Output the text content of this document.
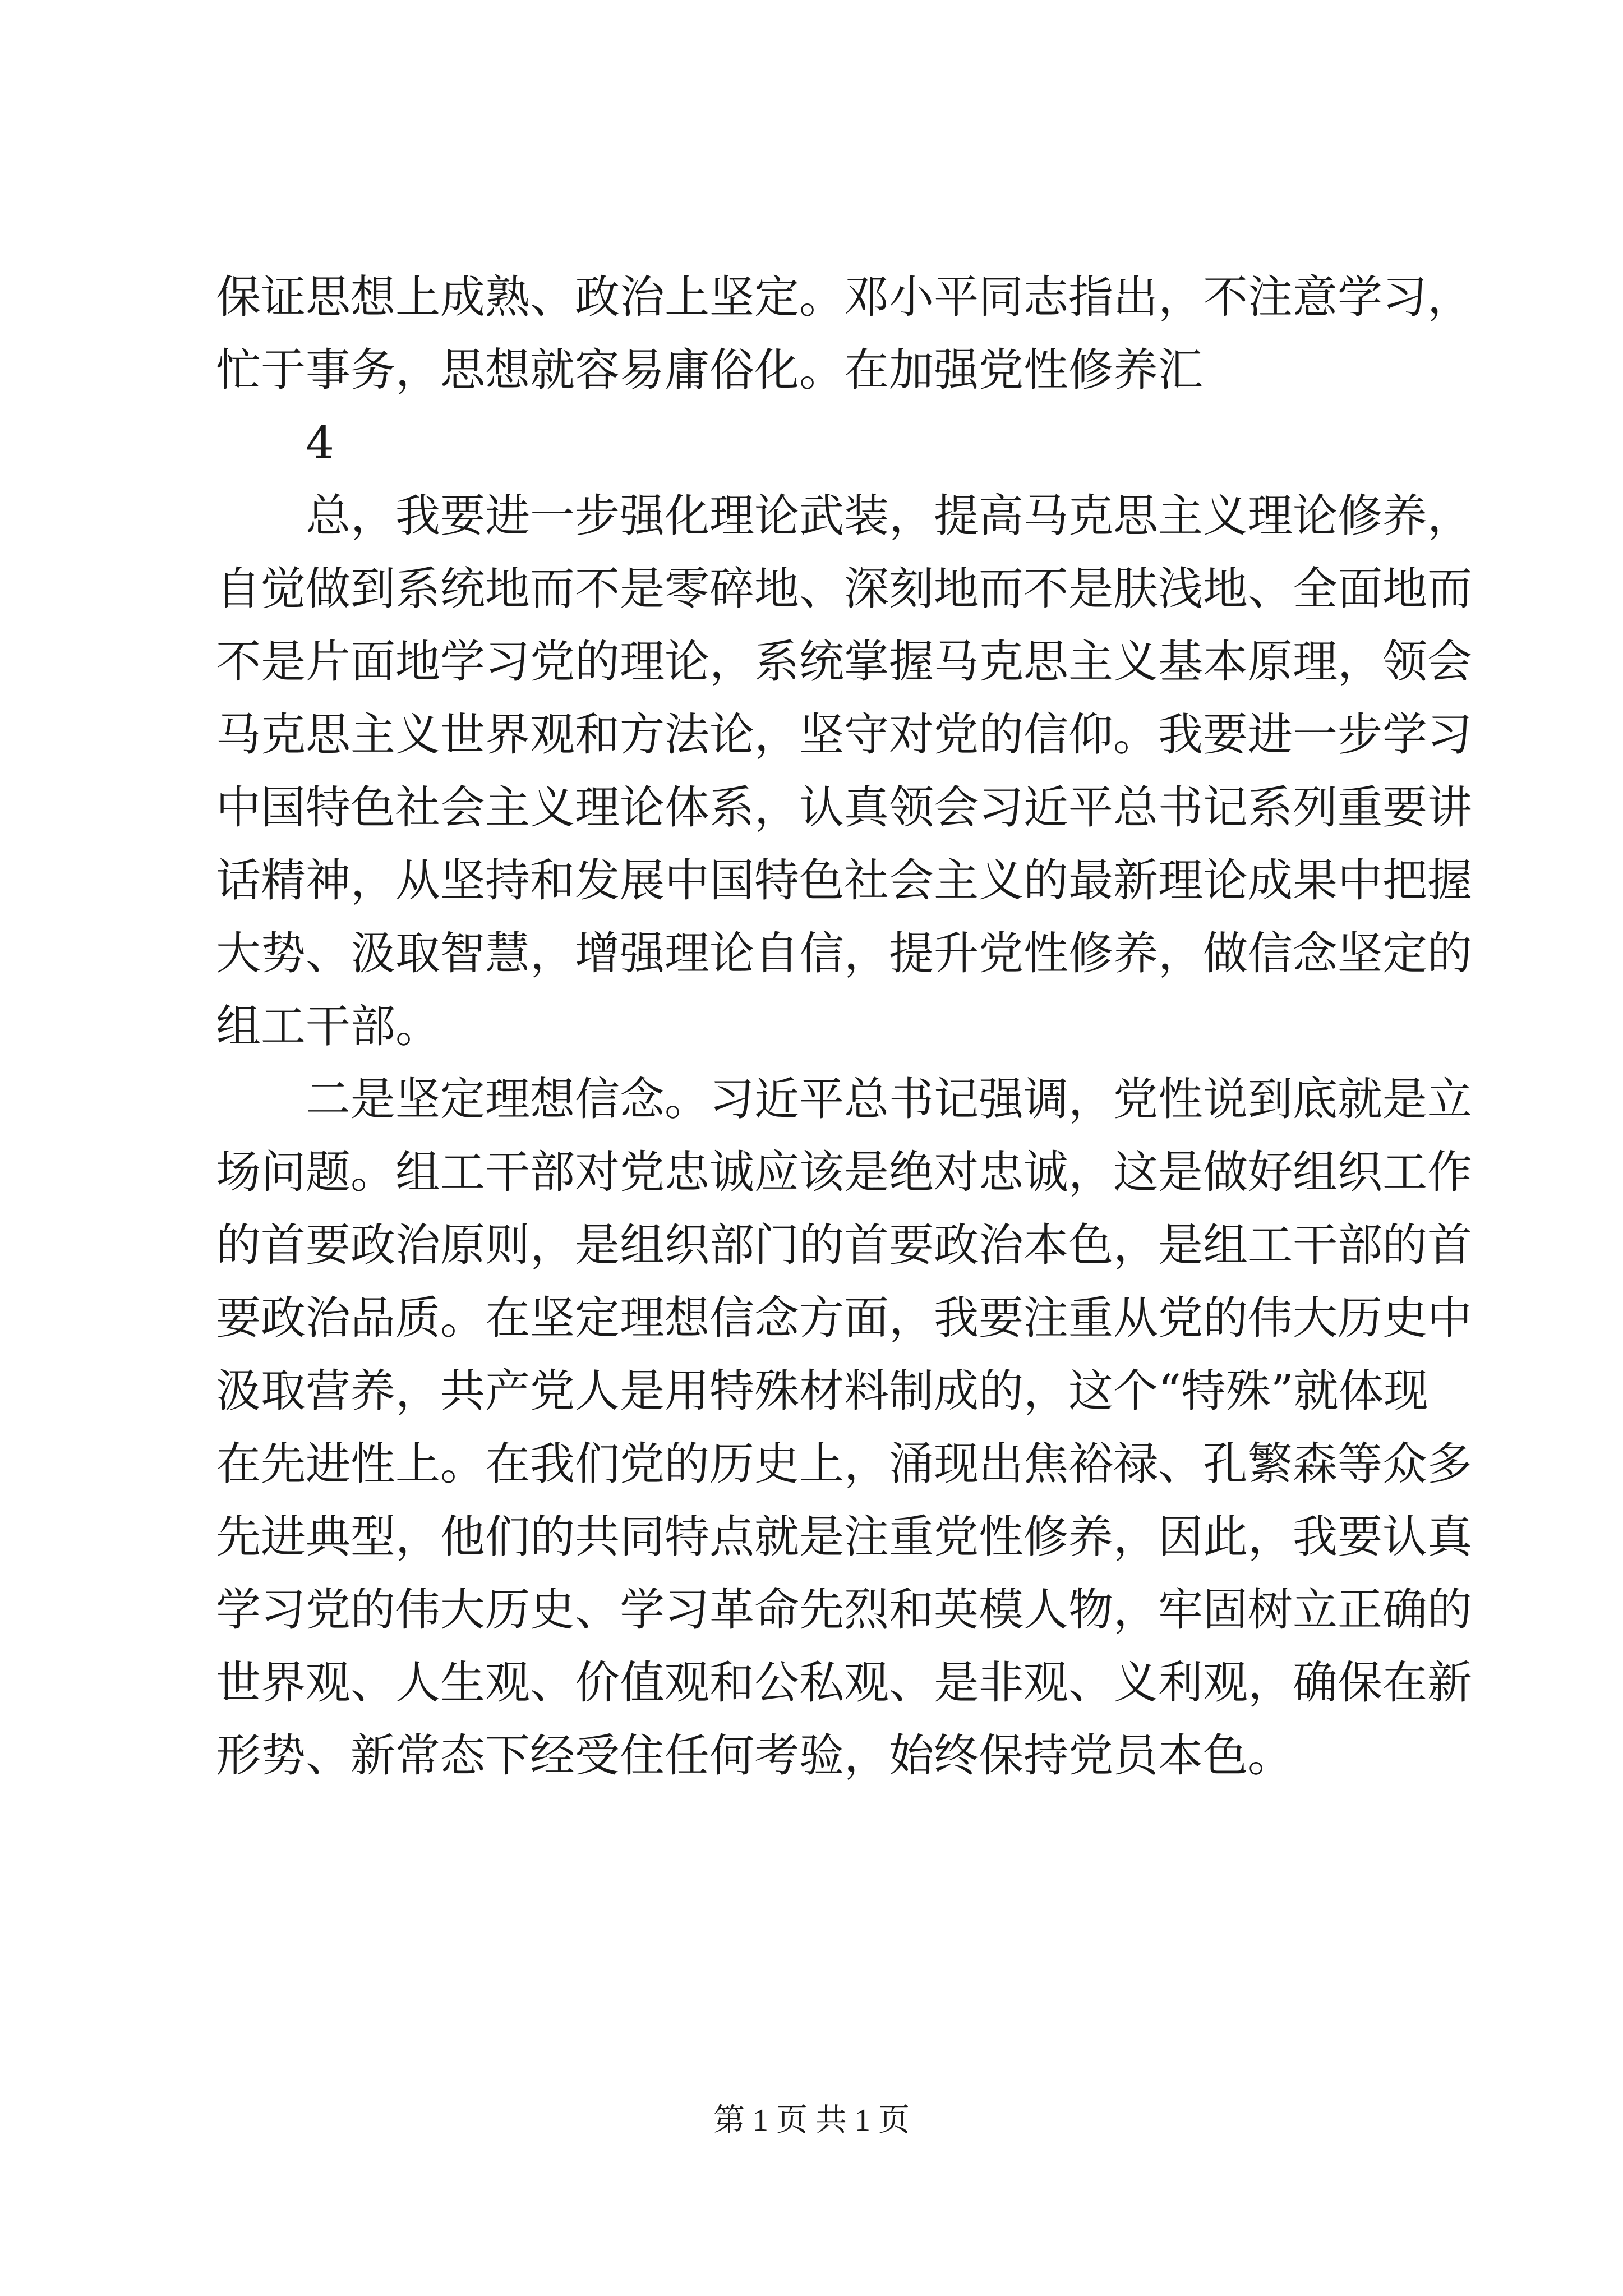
保证思想上成熟、政治上坚定。邓小平同志指出，不注意学习，
忙于事务，思想就容易庸俗化。在加强党性修养汇
4
总，我要进一步强化理论武装，提高马克思主义理论修养，
自觉做到系统地而不是零碎地、深刻地而不是肤浅地、全面地而
不是片面地学习党的理论，系统掌握马克思主义基本原理，领会
马克思主义世界观和方法论，坚守对党的信仰。我要进一步学习
中国特色社会主义理论体系，认真领会习近平总书记系列重要讲
话精神，从坚持和发展中国特色社会主义的最新理论成果中把握
大势、汲取智慧，增强理论自信，提升党性修养，做信念坚定的
组工干部。
二是坚定理想信念。习近平总书记强调，党性说到底就是立
场问题。组工干部对党忠诚应该是绝对忠诚，这是做好组织工作
的首要政治原则，是组织部门的首要政治本色，是组工干部的首
要政治品质。在坚定理想信念方面，我要注重从党的伟大历史中
汲取营养，共产党人是用特殊材料制成的，这个“特殊”就体现
在先进性上。在我们党的历史上，涌现出焦裕禄、孔繁森等众多
先进典型，他们的共同特点就是注重党性修养，因此，我要认真
学习党的伟大历史、学习革命先烈和英模人物，牢固树立正确的
世界观、人生观、价值观和公私观、是非观、义利观，确保在新
形势、新常态下经受住任何考验，始终保持党员本色。
第 1 页 共 1 页
